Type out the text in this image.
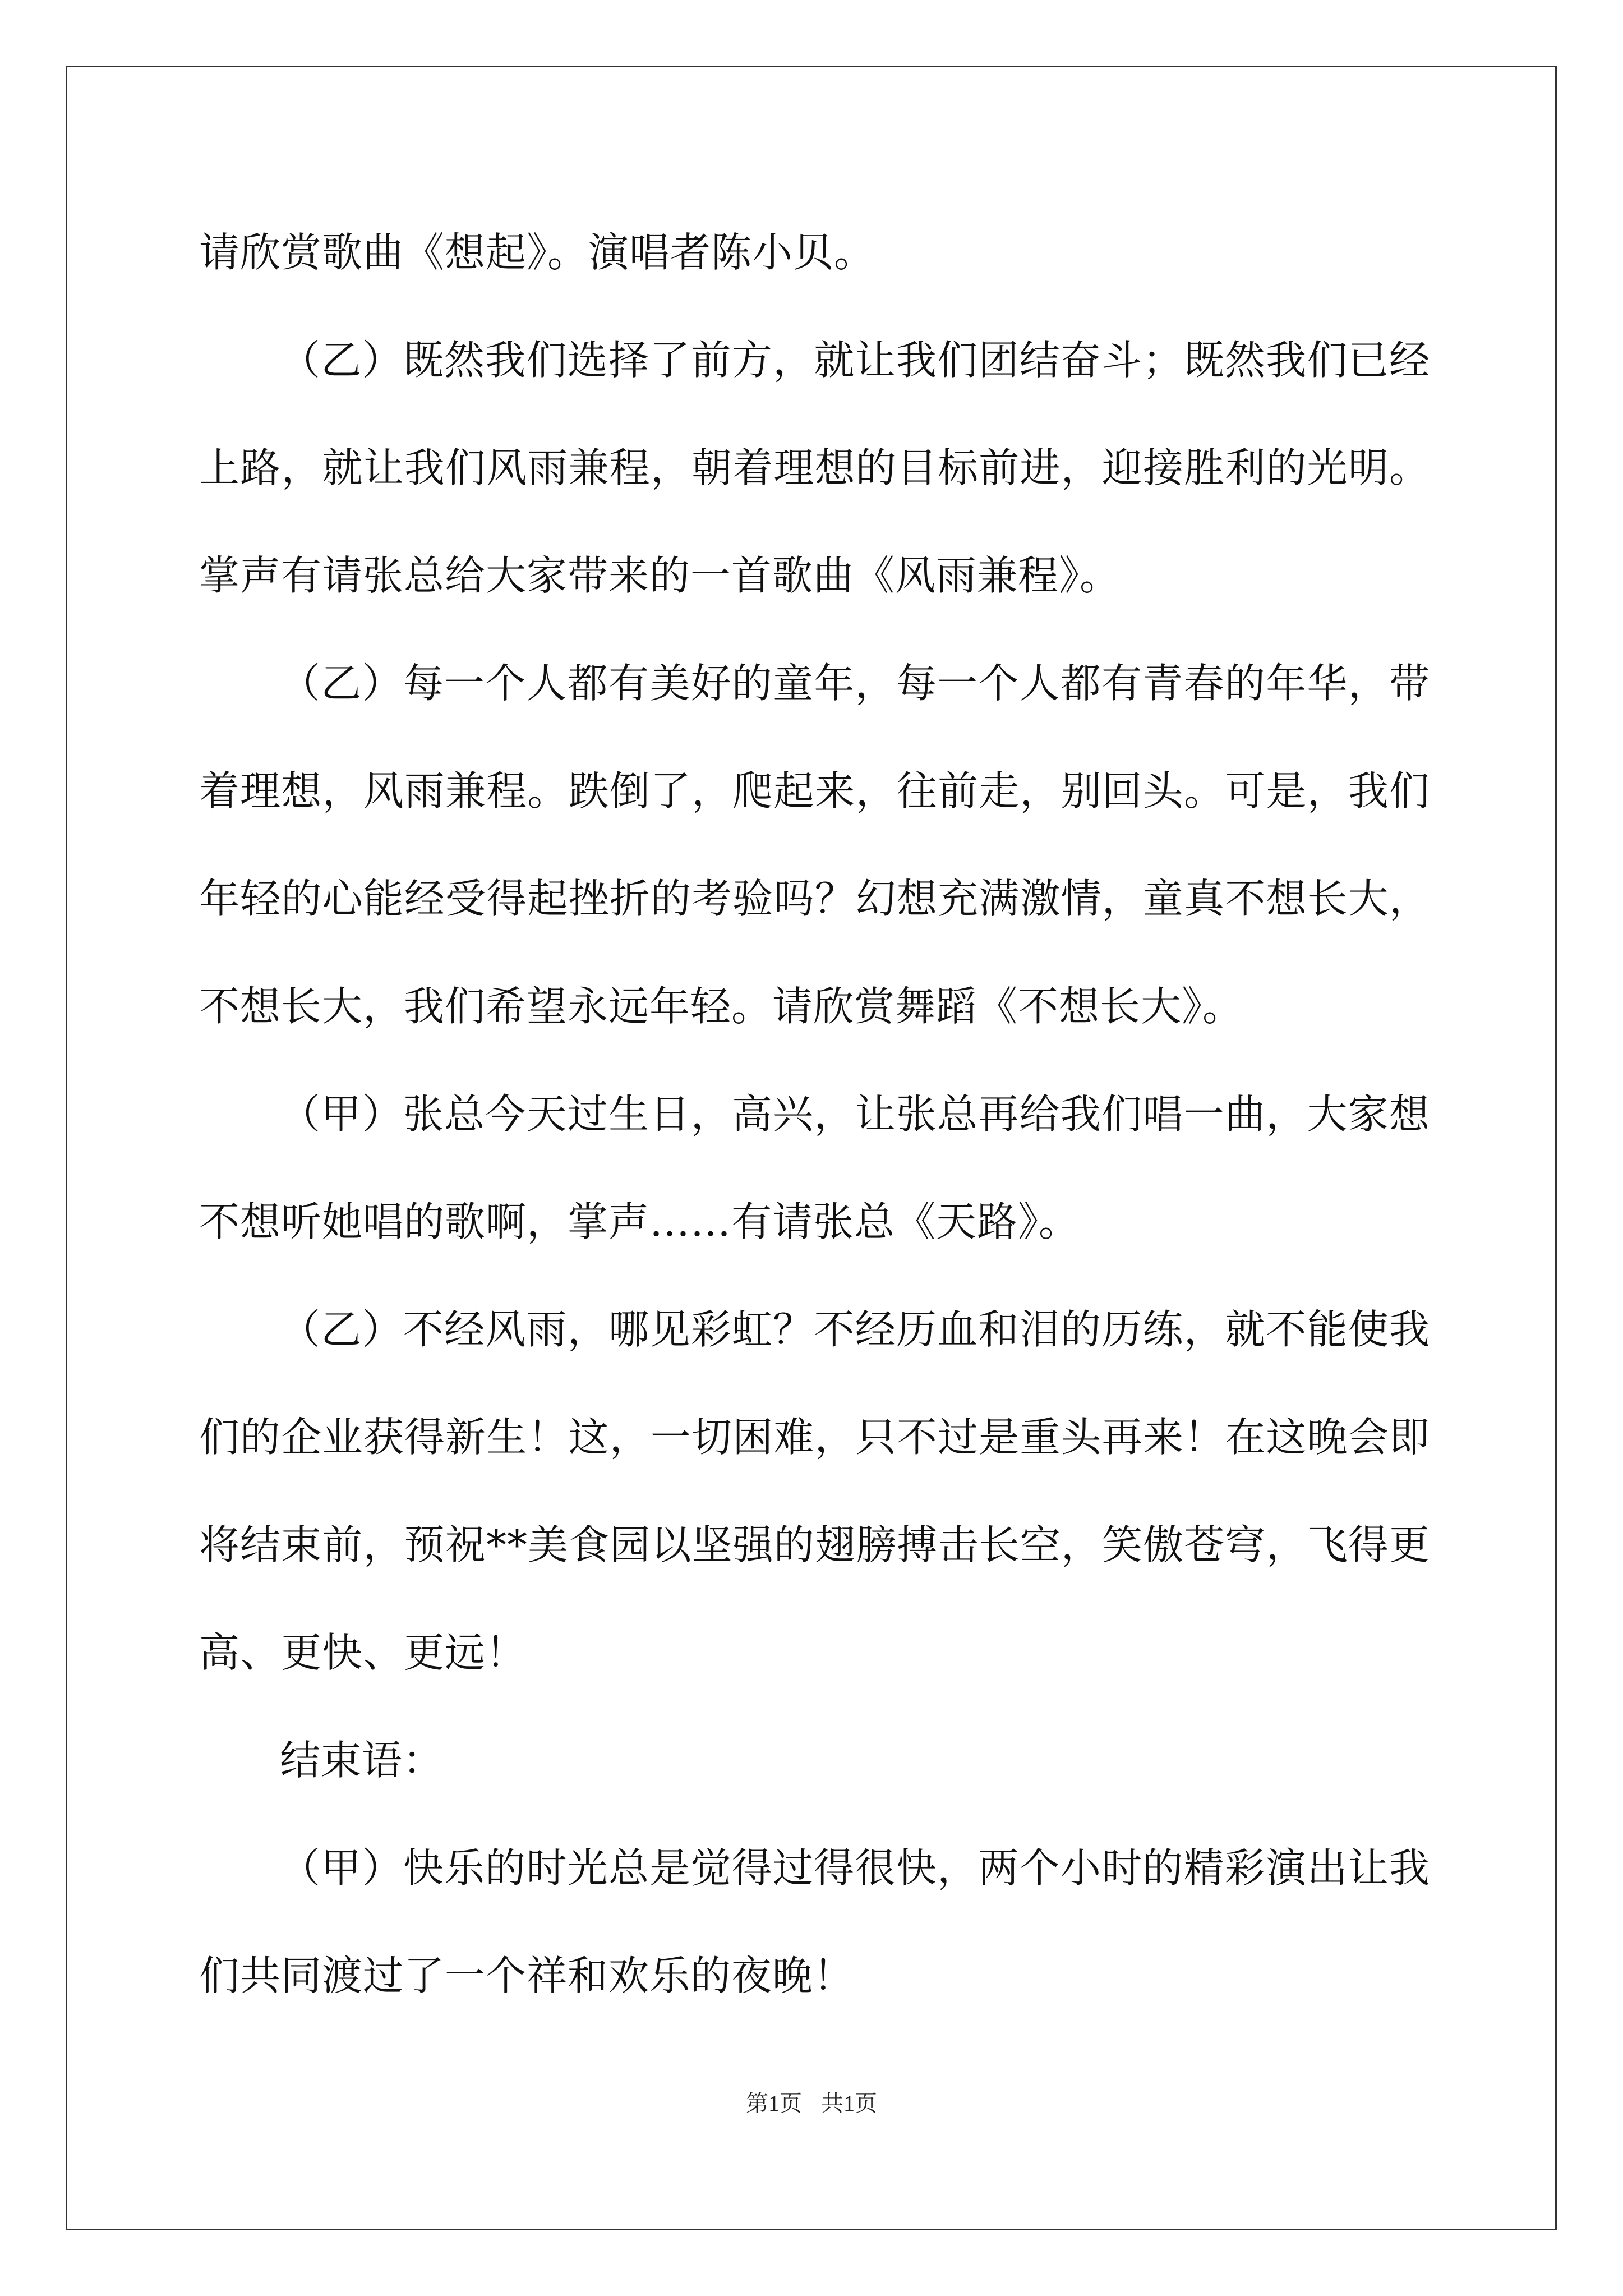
请欣赏歌曲《想起》。演唱者陈小贝。
（乙）既然我们选择了前方，就让我们团结奋斗；既然我们已经
上路，就让我们风雨兼程，朝着理想的目标前进，迎接胜利的光明。
掌声有请张总给大家带来的一首歌曲《风雨兼程》。
（乙）每一个人都有美好的童年，每一个人都有青春的年华，带
着理想，风雨兼程。跌倒了，爬起来，往前走，别回头。可是，我们
年轻的心能经受得起挫折的考验吗？幻想充满激情，童真不想长大，
不想长大，我们希望永远年轻。请欣赏舞蹈《不想长大》。
（甲）张总今天过生日，高兴，让张总再给我们唱一曲，大家想
不想听她唱的歌啊，掌声……有请张总《天路》。
（乙）不经风雨，哪见彩虹？不经历血和泪的历练，就不能使我
们的企业获得新生！这，一切困难，只不过是重头再来！在这晚会即
将结束前，预祝**美食园以坚强的翅膀搏击长空，笑傲苍穹，飞得更
高、更快、更远！
结束语：
（甲）快乐的时光总是觉得过得很快，两个小时的精彩演出让我
们共同渡过了一个祥和欢乐的夜晚！
第1页 共1页
